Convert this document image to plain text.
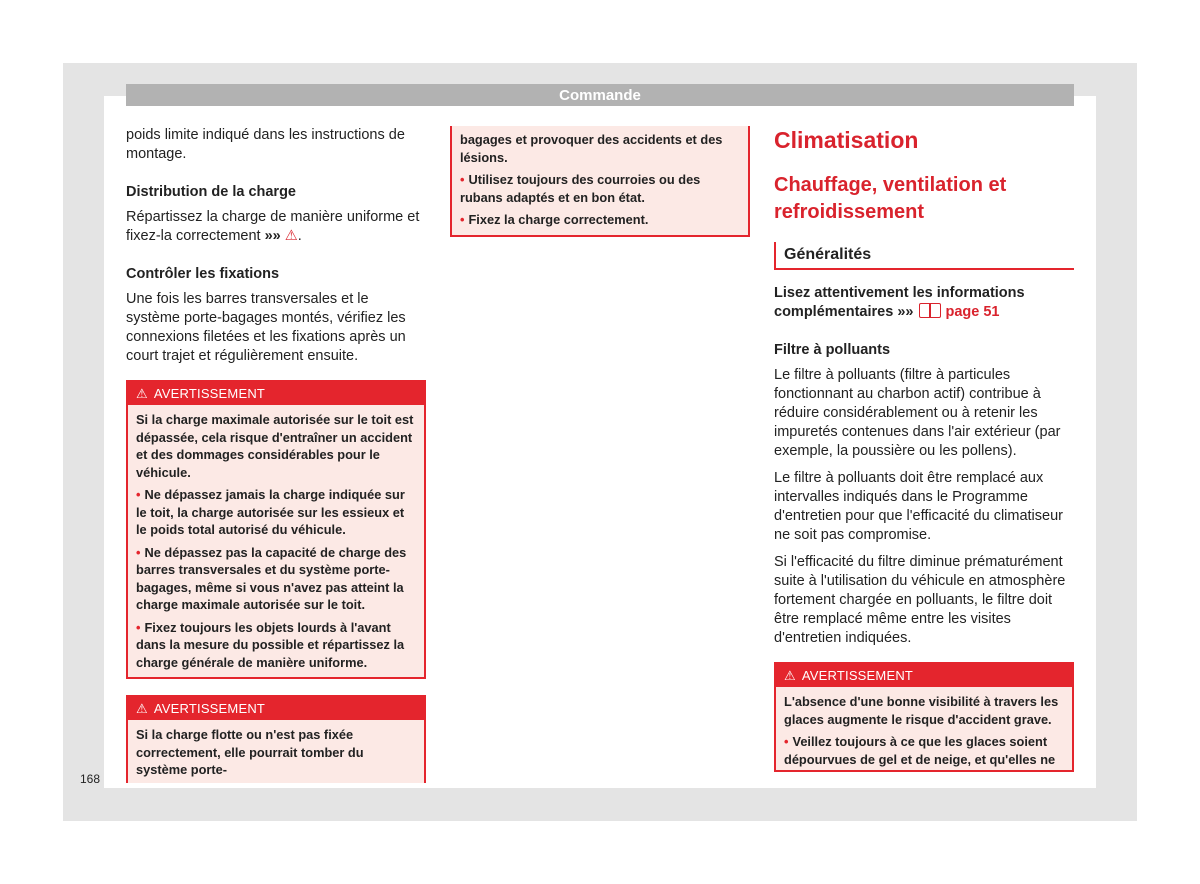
Commande

poids limite indiqué dans les instructions de montage.

Distribution de la charge

Répartissez la charge de manière uniforme et fixez-la correctement »» ⚠.

Contrôler les fixations

Une fois les barres transversales et le système porte-bagages montés, vérifiez les connexions filetées et les fixations après un court trajet et régulièrement ensuite.

⚠ AVERTISSEMENT

Si la charge maximale autorisée sur le toit est dépassée, cela risque d'entraîner un accident et des dommages considérables pour le véhicule.

• Ne dépassez jamais la charge indiquée sur le toit, la charge autorisée sur les essieux et le poids total autorisé du véhicule.

• Ne dépassez pas la capacité de charge des barres transversales et du système porte-bagages, même si vous n'avez pas atteint la charge maximale autorisée sur le toit.

• Fixez toujours les objets lourds à l'avant dans la mesure du possible et répartissez la charge générale de manière uniforme.

⚠ AVERTISSEMENT

Si la charge flotte ou n'est pas fixée correctement, elle pourrait tomber du système porte-

bagages et provoquer des accidents et des lésions.

• Utilisez toujours des courroies ou des rubans adaptés et en bon état.

• Fixez la charge correctement.

Climatisation
Chauffage, ventilation et refroidissement
Généralités

Lisez attentivement les informations complémentaires »» page 51

Filtre à polluants

Le filtre à polluants (filtre à particules fonctionnant au charbon actif) contribue à réduire considérablement ou à retenir les impuretés contenues dans l'air extérieur (par exemple, la poussière ou les pollens).

Le filtre à polluants doit être remplacé aux intervalles indiqués dans le Programme d'entretien pour que l'efficacité du climatiseur ne soit pas compromise.

Si l'efficacité du filtre diminue prématurément suite à l'utilisation du véhicule en atmosphère fortement chargée en polluants, le filtre doit être remplacé même entre les visites d'entretien indiquées.

⚠ AVERTISSEMENT

L'absence d'une bonne visibilité à travers les glaces augmente le risque d'accident grave.

• Veillez toujours à ce que les glaces soient dépourvues de gel et de neige, et qu'elles ne

168
